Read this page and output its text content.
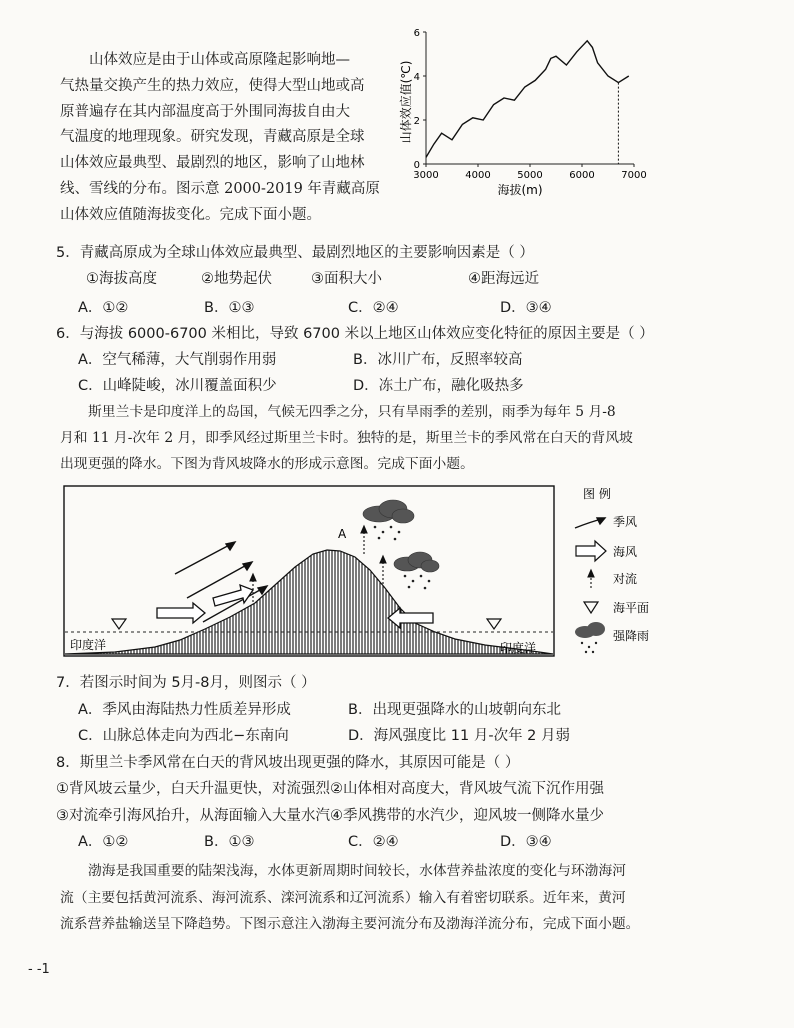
山体效应是由于山体或高原隆起影响地—
气热量交换产生的热力效应，使得大型山地或高
原普遍存在其内部温度高于外围同海拔自由大
气温度的地理现象。研究发现，青藏高原是全球
山体效应最典型、最剧烈的地区，影响了山地林
线、雪线的分布。图示意 2000-2019 年青藏高原
山体效应值随海拔变化。完成下面小题。
山体效应值(℃)
0
2
4
6
3000	4000	5000	6000	7000
海拔(m)
5．青藏高原成为全球山体效应最典型、最剧烈地区的主要影响因素是（ ）
①海拔高度	②地势起伏	③面积大小	④距海远近
A．①②	B．①③	C．②④	D．③④
6．与海拔 6000-6700 米相比，导致 6700 米以上地区山体效应变化特征的原因主要是（ ）
A．空气稀薄，大气削弱作用弱	B．冰川广布，反照率较高
C．山峰陡峻，冰川覆盖面积少	D．冻土广布，融化吸热多
斯里兰卡是印度洋上的岛国，气候无四季之分，只有旱雨季的差别，雨季为每年 5 月-8
月和 11 月-次年 2 月，即季风经过斯里兰卡时。独特的是，斯里兰卡的季风常在白天的背风坡
出现更强的降水。下图为背风坡降水的形成示意图。完成下面小题。
印度洋	印度洋
A
图 例
季风
海风
对流
海平面
强降雨
7．若图示时间为 5月-8月，则图示（ ）
A．季风由海陆热力性质差异形成	B．出现更强降水的山坡朝向东北
C．山脉总体走向为西北−东南向	D．海风强度比 11 月-次年 2 月弱
8．斯里兰卡季风常在白天的背风坡出现更强的降水，其原因可能是（ ）
①背风坡云量少，白天升温更快，对流强烈②山体相对高度大，背风坡气流下沉作用强
③对流牵引海风抬升，从海面输入大量水汽④季风携带的水汽少，迎风坡一侧降水量少
A．①②	B．①③	C．②④	D．③④
渤海是我国重要的陆架浅海，水体更新周期时间较长，水体营养盐浓度的变化与环渤海河
流（主要包括黄河流系、海河流系、滦河流系和辽河流系）输入有着密切联系。近年来，黄河
流系营养盐输送呈下降趋势。下图示意注入渤海主要河流分布及渤海洋流分布，完成下面小题。
- -1
